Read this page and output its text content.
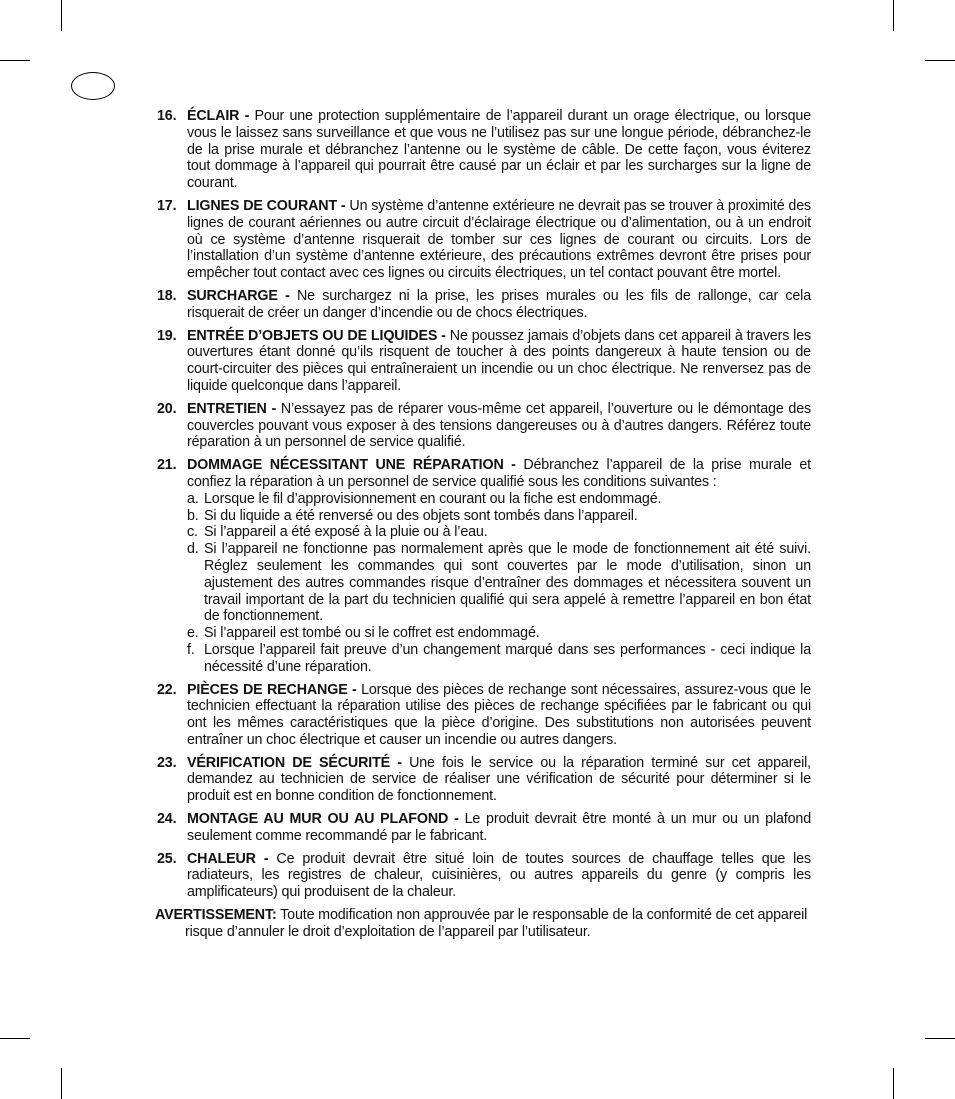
16. ÉCLAIR - Pour une protection supplémentaire de l’appareil durant un orage électrique, ou lorsque vous le laissez sans surveillance et que vous ne l’utilisez pas sur une longue période, débranchez-le de la prise murale et débranchez l’antenne ou le système de câble. De cette façon, vous éviterez tout dommage à l’appareil qui pourrait être causé par un éclair et par les surcharges sur la ligne de courant.
17. LIGNES DE COURANT - Un système d’antenne extérieure ne devrait pas se trouver à proximité des lignes de courant aériennes ou autre circuit d’éclairage électrique ou d’alimentation, ou à un endroit où ce système d’antenne risquerait de tomber sur ces lignes de courant ou circuits. Lors de l’installation d’un système d’antenne extérieure, des précautions extrêmes devront être prises pour empêcher tout contact avec ces lignes ou circuits électriques, un tel contact pouvant être mortel.
18. SURCHARGE - Ne surchargez ni la prise, les prises murales ou les fils de rallonge, car cela risquerait de créer un danger d’incendie ou de chocs électriques.
19. ENTRÉE D’OBJETS OU DE LIQUIDES - Ne poussez jamais d’objets dans cet appareil à travers les ouvertures étant donné qu’ils risquent de toucher à des points dangereux à haute tension ou de court-circuiter des pièces qui entraîneraient un incendie ou un choc électrique. Ne renversez pas de liquide quelconque dans l’appareil.
20. ENTRETIEN - N’essayez pas de réparer vous-même cet appareil, l’ouverture ou le démontage des couvercles pouvant vous exposer à des tensions dangereuses ou à d’autres dangers. Référez toute réparation à un personnel de service qualifié.
21. DOMMAGE NÉCESSITANT UNE RÉPARATION - Débranchez l’appareil de la prise murale et confiez la réparation à un personnel de service qualifié sous les conditions suivantes :
a. Lorsque le fil d’approvisionnement en courant ou la fiche est endommagé.
b. Si du liquide a été renversé ou des objets sont tombés dans l’appareil.
c. Si l’appareil a été exposé à la pluie ou à l’eau.
d. Si l’appareil ne fonctionne pas normalement après que le mode de fonctionnement ait été suivi. Réglez seulement les commandes qui sont couvertes par le mode d’utilisation, sinon un ajustement des autres commandes risque d’entraîner des dommages et nécessitera souvent un travail important de la part du technicien qualifié qui sera appelé à remettre l’appareil en bon état de fonctionnement.
e. Si l’appareil est tombé ou si le coffret est endommagé.
f. Lorsque l’appareil fait preuve d’un changement marqué dans ses performances - ceci indique la nécessité d’une réparation.
22. PIÈCES DE RECHANGE - Lorsque des pièces de rechange sont nécessaires, assurez-vous que le technicien effectuant la réparation utilise des pièces de rechange spécifiées par le fabricant ou qui ont les mêmes caractéristiques que la pièce d’origine. Des substitutions non autorisées peuvent entraîner un choc électrique et causer un incendie ou autres dangers.
23. VÉRIFICATION DE SÉCURITÉ - Une fois le service ou la réparation terminé sur cet appareil, demandez au technicien de service de réaliser une vérification de sécurité pour déterminer si le produit est en bonne condition de fonctionnement.
24. MONTAGE AU MUR OU AU PLAFOND - Le produit devrait être monté à un mur ou un plafond seulement comme recommandé par le fabricant.
25. CHALEUR - Ce produit devrait être situé loin de toutes sources de chauffage telles que les radiateurs, les registres de chaleur, cuisinières, ou autres appareils du genre (y compris les amplificateurs) qui produisent de la chaleur.
AVERTISSEMENT: Toute modification non approuvée par le responsable de la conformité de cet appareil risque d’annuler le droit d’exploitation de l’appareil par l’utilisateur.
